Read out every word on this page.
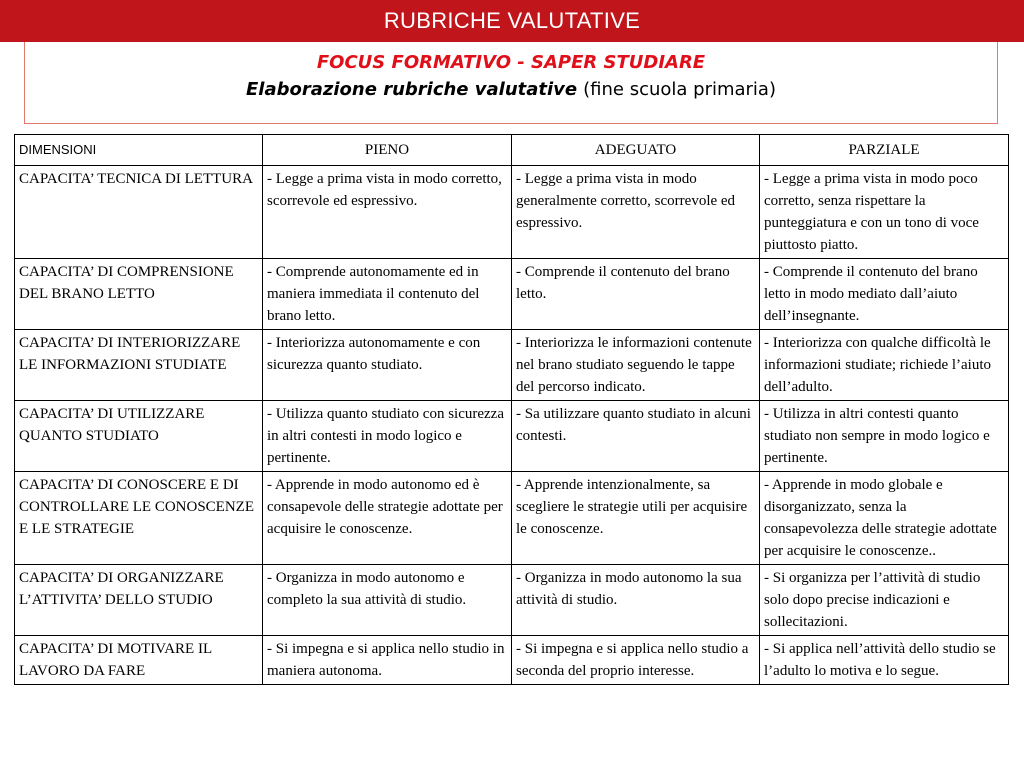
RUBRICHE VALUTATIVE
FOCUS FORMATIVO - SAPER STUDIARE
Elaborazione rubriche valutative (fine scuola primaria)
DIMENSIONI	PIENO	ADEGUATO	PARZIALE
CAPACITA’ TECNICA DI LETTURA	- Legge a prima vista in modo corretto, scorrevole ed espressivo.	- Legge a prima vista in modo generalmente corretto, scorrevole ed espressivo.	- Legge a prima vista in modo poco corretto, senza rispettare la punteggiatura e con un tono di voce piuttosto piatto.
CAPACITA’ DI COMPRENSIONE DEL BRANO LETTO	- Comprende autonomamente ed in maniera immediata il contenuto del brano letto.	- Comprende il contenuto del brano letto.	- Comprende il contenuto del brano letto in modo mediato dall’aiuto dell’insegnante.
CAPACITA’ DI INTERIORIZZARE LE INFORMAZIONI STUDIATE	- Interiorizza autonomamente e con sicurezza quanto studiato.	- Interiorizza le informazioni contenute nel brano studiato seguendo le tappe del percorso indicato.	- Interiorizza con qualche difficoltà le informazioni studiate; richiede l’aiuto dell’adulto.
CAPACITA’ DI UTILIZZARE QUANTO STUDIATO	- Utilizza quanto studiato con sicurezza in altri contesti in modo logico e pertinente.	- Sa utilizzare quanto studiato in alcuni contesti.	- Utilizza in altri contesti quanto studiato non sempre in modo logico e pertinente.
CAPACITA’ DI CONOSCERE E DI CONTROLLARE LE CONOSCENZE E LE STRATEGIE	- Apprende in modo autonomo ed è consapevole delle strategie adottate per acquisire le conoscenze.	- Apprende intenzionalmente, sa scegliere le strategie utili per acquisire le conoscenze.	- Apprende in modo globale e disorganizzato, senza la consapevolezza delle strategie adottate per acquisire le conoscenze..
CAPACITA’ DI ORGANIZZARE L’ATTIVITA’ DELLO STUDIO	- Organizza in modo autonomo e completo la sua attività di studio.	- Organizza in modo autonomo la sua attività di studio.	- Si organizza per l’attività di studio solo dopo precise indicazioni e sollecitazioni.
CAPACITA’ DI MOTIVARE IL LAVORO DA FARE	- Si impegna e si applica nello studio in maniera autonoma.	- Si impegna e si applica nello studio a seconda del proprio interesse.	- Si applica nell’attività dello studio se l’adulto lo motiva e lo segue.
